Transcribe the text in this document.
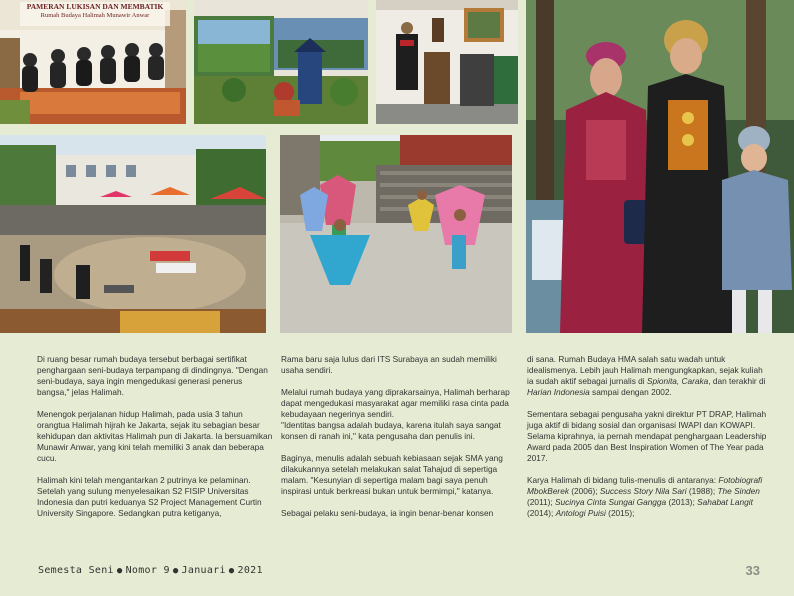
PAMERAN LUKISAN DAN MEMBATIK
Rumah Budaya Halimah Munawir Anwar

Di ruang besar rumah budaya tersebut berbagai sertifikat penghargaan seni-budaya terpampang di dindingnya. "Dengan seni-budaya, saya ingin mengedukasi generasi penerus bangsa," jelas Halimah.

Menengok perjalanan hidup Halimah, pada usia 3 tahun orangtua Halimah hijrah ke Jakarta, sejak itu sebagian besar kehidupan dan aktivitas Halimah pun di Jakarta. Ia bersuamikan Munawir Anwar, yang kini telah memiliki 3 anak dan beberapa cucu.

Halimah kini telah mengantarkan 2 putrinya ke pelaminan. Setelah yang sulung menyelesaikan S2 FISIP Universitas Indonesia dan putri keduanya S2 Project Management Curtin University Singapore. Sedangkan putra ketiganya,

Rama baru saja lulus dari ITS Surabaya an sudah memiliki usaha sendiri.

Melalui rumah budaya yang diprakarsainya, Halimah berharap dapat mengedukasi masyarakat agar memiliki rasa cinta pada kebudayaan negerinya sendiri.

"Identitas bangsa adalah budaya, karena itulah saya sangat konsen di ranah ini," kata pengusaha dan penulis ini.

Baginya, menulis adalah sebuah kebiasaan sejak SMA yang dilakukannya setelah melakukan salat Tahajud di sepertiga malam. "Kesunyian di sepertiga malam bagi saya penuh inspirasi untuk berkreasi bukan untuk bermimpi," katanya.

Sebagai pelaku seni-budaya, ia ingin benar-benar konsen

di sana. Rumah Budaya HMA salah satu wadah untuk idealismenya. Lebih jauh Halimah mengungkapkan, sejak kuliah ia sudah aktif sebagai jurnalis di Spionita, Caraka, dan terakhir di Harian Indonesia sampai dengan 2002.

Sementara sebagai pengusaha yakni direktur PT DRAP, Halimah juga aktif di bidang sosial dan organisasi IWAPI dan KOWAPI. Selama kiprahnya, ia pernah mendapat penghargaan Leadership Award pada 2005 dan Best Inspiration Women of The Year pada 2017.

Karya Halimah di bidang tulis-menulis di antaranya: Fotobiografi MbokBerek (2006); Success Story Nila Sari (1988); The Sinden (2011); Sucinya Cinta Sungai Gangga (2013); Sahabat Langit (2014); Antologi Puisi (2015);

Semesta Seni ● Nomor 9 ● Januari ● 2021	33
